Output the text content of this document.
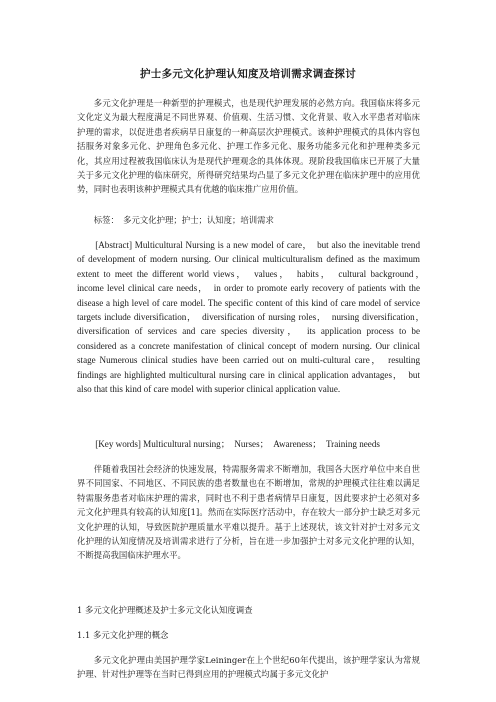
护士多元文化护理认知度及培训需求调查探讨

多元文化护理是一种新型的护理模式，也是现代护理发展的必然方向。我国临床将多元文化定义为最大程度满足不同世界观、价值观、生活习惯、文化背景、收入水平患者对临床护理的需求，以促进患者疾病早日康复的一种高层次护理模式。该种护理模式的具体内容包括服务对象多元化、护理角色多元化、护理工作多元化、服务功能多元化和护理种类多元化，其应用过程被我国临床认为是现代护理观念的具体体现。现阶段我国临床已开展了大量关于多元文化护理的临床研究，所得研究结果均凸显了多元文化护理在临床护理中的应用优势，同时也表明该种护理模式具有优越的临床推广应用价值。

标签：　多元文化护理；护士；认知度；培训需求

[Abstract] Multicultural Nursing is a new model of care，　but also the inevitable trend of development of modern nursing. Our clinical multiculturalism defined as the maximum extent to meet the different world views，　values，　habits，　cultural background，　income level clinical care needs，　in order to promote early recovery of patients with the disease a high level of care model. The specific content of this kind of care model of service targets include diversification，　diversification of nursing roles，　nursing diversification，　diversification of services and care species diversity，　its application process to be considered as a concrete manifestation of clinical concept of modern nursing. Our clinical stage Numerous clinical studies have been carried out on multi-cultural care，　resulting findings are highlighted multicultural nursing care in clinical application advantages，　but also that this kind of care model with superior clinical application value.

[Key words] Multicultural nursing；　Nurses；　Awareness；　Training needs

伴随着我国社会经济的快速发展，特需服务需求不断增加，我国各大医疗单位中来自世界不同国家、不同地区、不同民族的患者数量也在不断增加，常规的护理模式往往难以满足特需服务患者对临床护理的需求，同时也不利于患者病情早日康复，因此要求护士必须对多元文化护理具有较高的认知度[1]。然而在实际医疗活动中，存在较大一部分护士缺乏对多元文化护理的认知，导致医院护理质量水平难以提升。基于上述现状，该文针对护士对多元文化护理的认知度情况及培训需求进行了分析，旨在进一步加强护士对多元文化护理的认知，不断提高我国临床护理水平。

1 多元文化护理概述及护士多元文化认知度调查

1.1 多元文化护理的概念

多元文化护理由美国护理学家Leininger在上个世纪60年代提出，该护理学家认为常规护理、针对性护理等在当时已得到应用的护理模式均属于多元文化护
